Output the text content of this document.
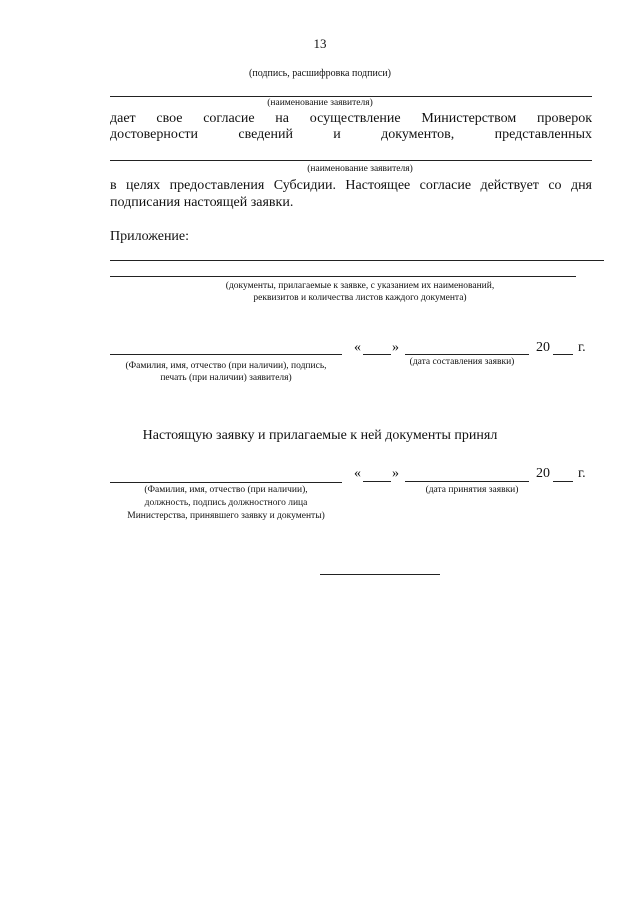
13
(подпись, расшифровка подписи)
(наименование заявителя)
дает свое согласие на осуществление Министерством проверок
достоверности сведений и документов, представленных
(наименование заявителя)
в целях предоставления Субсидии. Настоящее согласие действует со дня
подписания настоящей заявки.
Приложение:
(документы, прилагаемые к заявке, с указанием их наименований,
реквизитов и количества листов каждого документа)
(Фамилия, имя, отчество (при наличии), подпись,
печать (при наличии) заявителя)
« »	20 г.
(дата составления заявки)
Настоящую заявку и прилагаемые к ней документы принял
(Фамилия, имя, отчество (при наличии),
должность, подпись должностного лица
Министерства, принявшего заявку и документы)
« »	20 г.
(дата принятия заявки)
